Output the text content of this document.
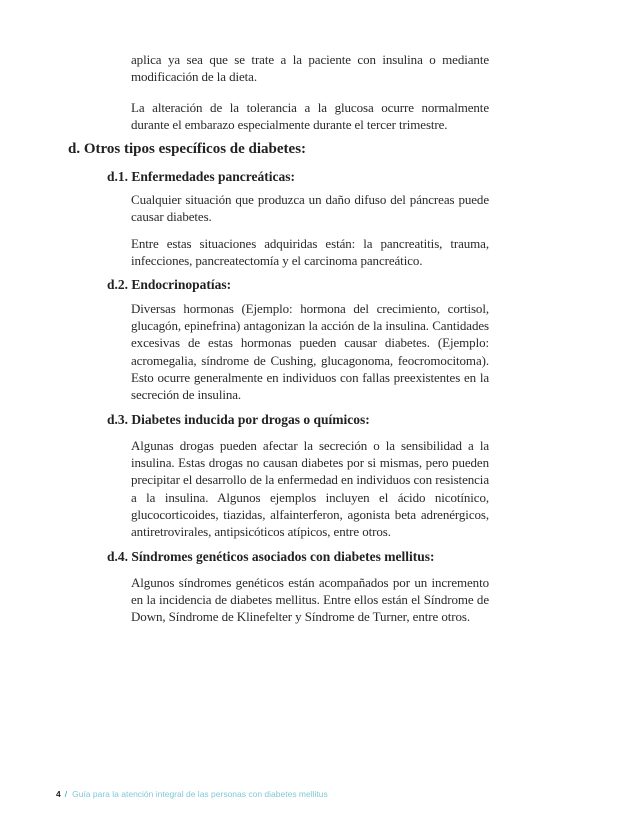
aplica ya sea que se trate a la paciente con insulina o mediante modificación de la dieta.

La alteración de la tolerancia a la glucosa ocurre normalmente durante el embarazo especialmente durante el tercer trimestre.

d. Otros tipos específicos de diabetes:
d.1. Enfermedades pancreáticas:

Cualquier situación que produzca un daño difuso del páncreas puede causar diabetes.

Entre estas situaciones adquiridas están: la pancreatitis, trauma, infecciones, pancreatectomía y el carcinoma pancreático.

d.2. Endocrinopatías:

Diversas hormonas (Ejemplo: hormona del crecimiento, cortisol, glucagón, epinefrina) antagonizan la acción de la insulina. Cantidades excesivas de estas hormonas pueden causar diabetes. (Ejemplo: acromegalia, síndrome de Cushing, glucagonoma, feocromocitoma). Esto ocurre generalmente en individuos con fallas preexistentes en la secreción de insulina.

d.3. Diabetes inducida por drogas o químicos:

Algunas drogas pueden afectar la secreción o la sensibilidad a la insulina. Estas drogas no causan diabetes por si mismas, pero pueden precipitar el desarrollo de la enfermedad en individuos con resistencia a la insulina. Algunos ejemplos incluyen el ácido nicotínico, glucocorticoides, tiazidas, alfainterferon, agonista beta adrenérgicos, antiretrovirales, antipsicóticos atípicos, entre otros.

d.4. Síndromes genéticos asociados con diabetes mellitus:

Algunos síndromes genéticos están acompañados por un incremento en la incidencia de diabetes mellitus. Entre ellos están el Síndrome de Down, Síndrome de Klinefelter y Síndrome de Turner, entre otros.

4 / Guía para la atención integral de las personas con diabetes mellitus
